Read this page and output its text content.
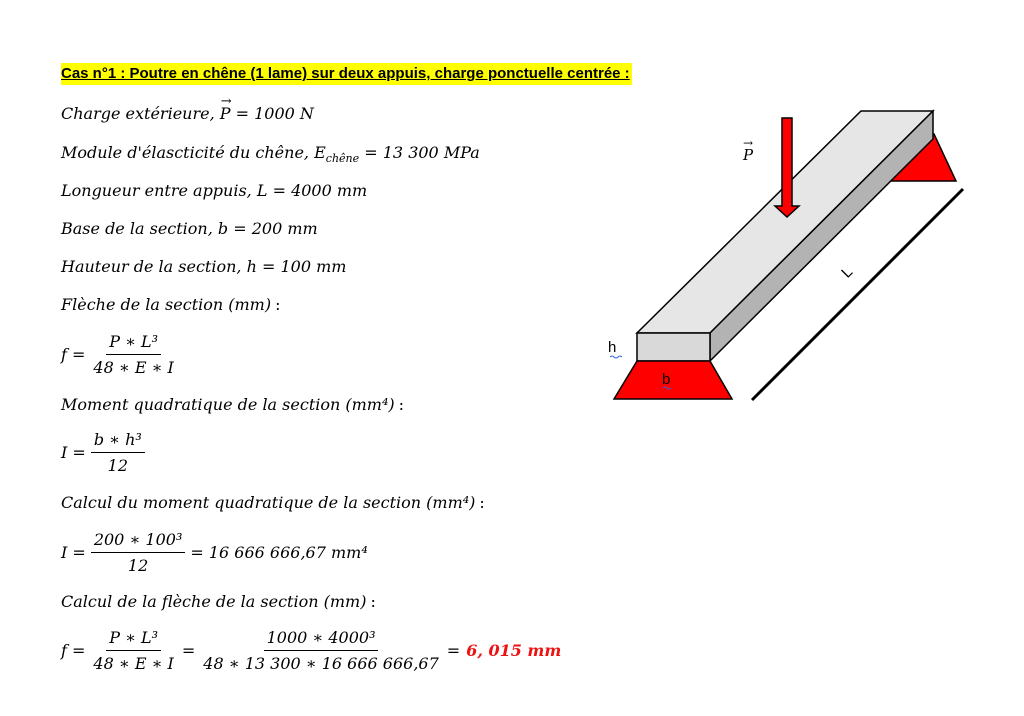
Cas n°1 : Poutre en chêne (1 lame) sur deux appuis, charge ponctuelle centrée :
Charge extérieure,
→
P = 1000 N
Module d'élascticité du chêne, $E_{chêne} = 13$ 300 MPa
Longueur entre appuis, L = 4000 mm
Base de la section, b = 200 mm
Hauteur de la section, h = 100 mm
Flèche de la section (mm) :
$f = \frac{\text{P ∗ L³}}{48 ∗ E ∗ I}$
Moment quadratique de la section (mm⁴) :
$I = \frac{\text{b ∗ h³}}{12}$
Calcul du moment quadratique de la section (mm⁴) :
$I = \frac{\text{200 ∗ 100³}}{12} = 16$ 666 666,67 mm⁴
Calcul de la flèche de la section (mm) :
$f = \frac{\text{P ∗ L³}}{48 ∗ E ∗ I} = \frac{\text{1000 ∗ 4000³}}{48 ∗ 13 300 ∗ 16 666 666,67} = 6$, 015 mm
→
P
h
b
L
